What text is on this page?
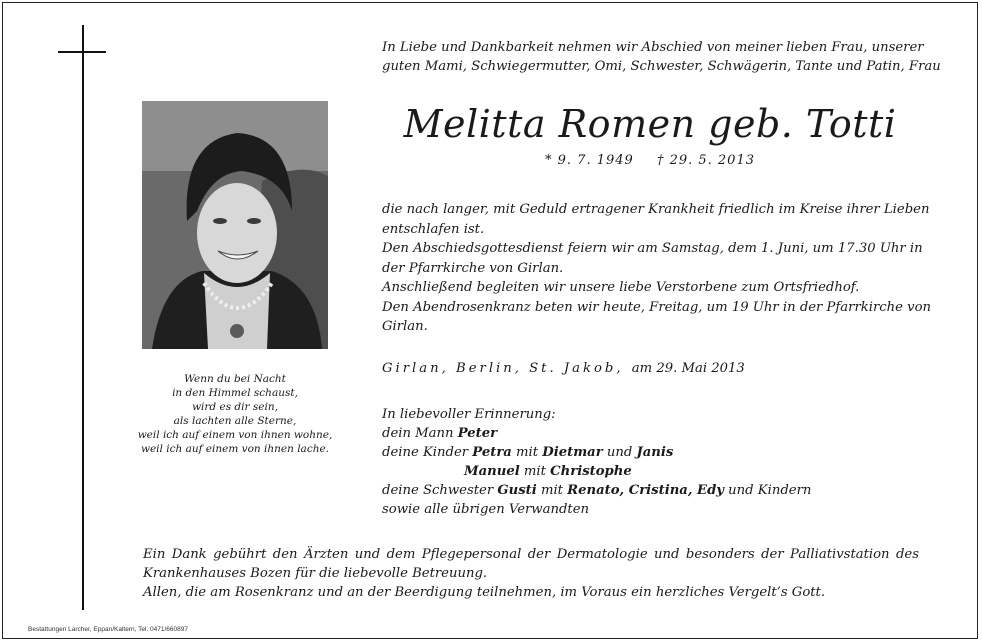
Wenn du bei Nacht
in den Himmel schaust,
wird es dir sein,
als lachten alle Sterne,
weil ich auf einem von ihnen wohne,
weil ich auf einem von ihnen lache.
In Liebe und Dankbarkeit nehmen wir Abschied von meiner lieben Frau, unserer
guten Mami, Schwiegermutter, Omi, Schwester, Schwägerin, Tante und Patin, Frau
Melitta Romen geb. Totti
* 9. 7. 1949 † 29. 5. 2013
die nach langer, mit Geduld ertragener Krankheit friedlich im Kreise ihrer Lieben
entschlafen ist.
Den Abschiedsgottesdienst feiern wir am Samstag, dem 1. Juni, um 17.30 Uhr in
der Pfarrkirche von Girlan.
Anschließend begleiten wir unsere liebe Verstorbene zum Ortsfriedhof.
Den Abendrosenkranz beten wir heute, Freitag, um 19 Uhr in der Pfarrkirche von
Girlan.
Girlan, Berlin, St. Jakob, am 29. Mai 2013
In liebevoller Erinnerung:
dein Mann Peter
deine Kinder Petra mit Dietmar und Janis
Manuel mit Christophe
deine Schwester Gusti mit Renato, Cristina, Edy und Kindern
sowie alle übrigen Verwandten
Ein Dank gebührt den Ärzten und dem Pflegepersonal der Dermatologie und besonders der Palliativstation des
Krankenhauses Bozen für die liebevolle Betreuung.
Allen, die am Rosenkranz und an der Beerdigung teilnehmen, im Voraus ein herzliches Vergelt’s Gott.
Bestattungen Larcher, Eppan/Kaltern, Tel. 0471/660897
